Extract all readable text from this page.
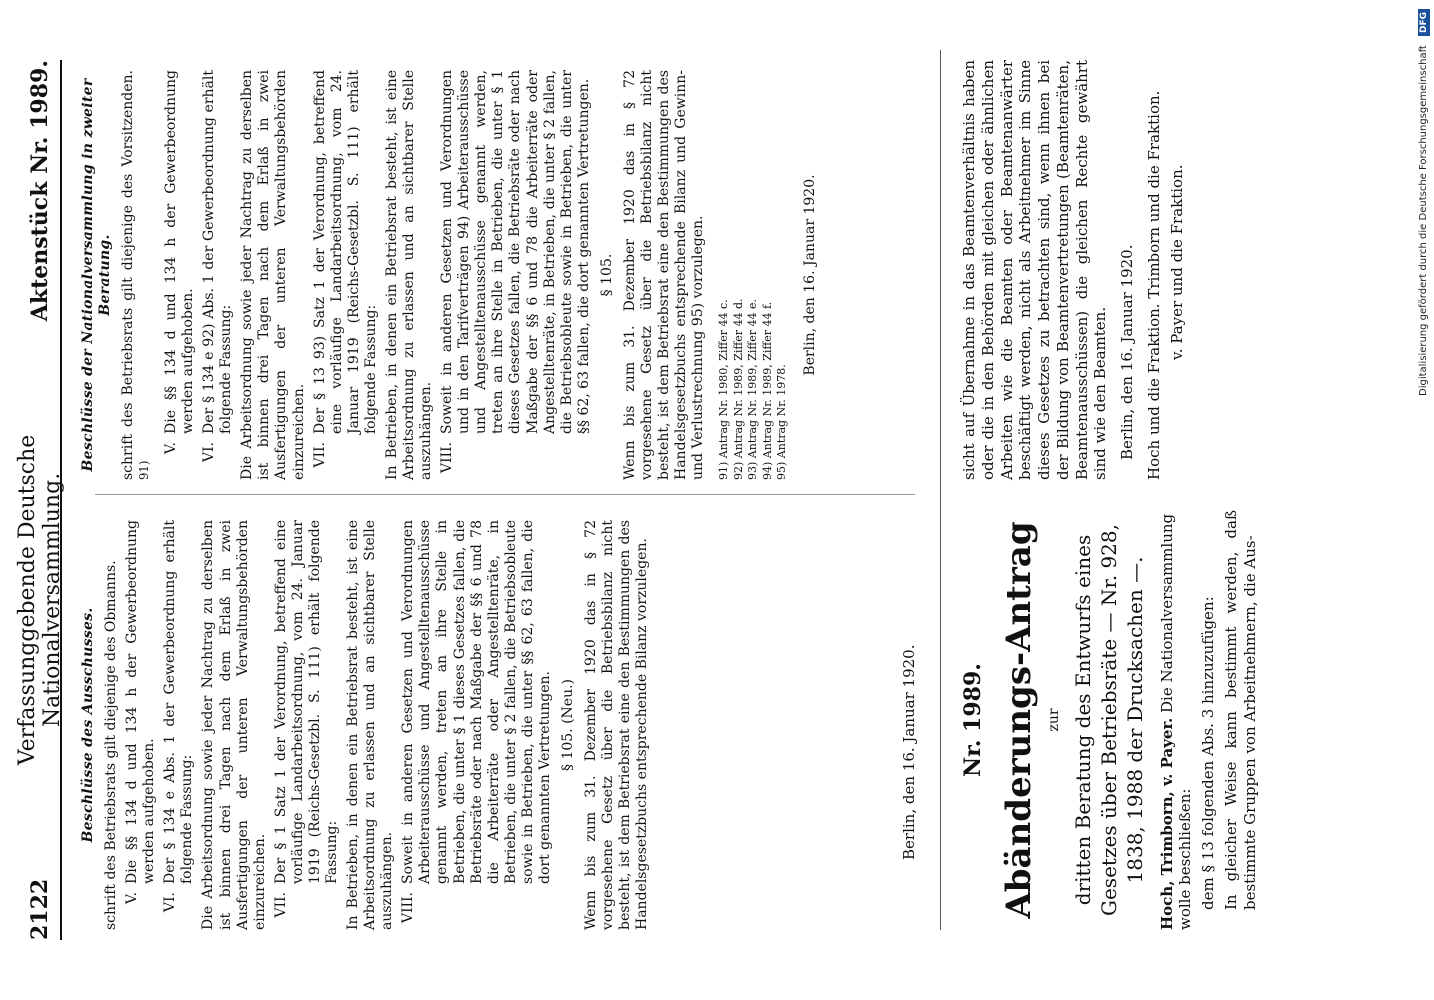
2122
Verfassunggebende Deutsche Nationalversammlung.
Aktenstück Nr. 1989.
Beschlüsse des Ausschusses. schrift des Betriebsrats gilt diejenige des Obmanns. V.
Die §§ 134 d und 134 h der Gewerbeordnung werden aufgehoben.
VI.
Der § 134 e Abs. 1 der Gewerbeordnung erhält folgende Fassung: Die Arbeitsordnung sowie jeder Nachtrag zu derselben ist binnen drei Tagen nach dem Erlaß in zwei Ausfertigungen der unteren Verwaltungsbehörden einzureichen. VII.
Der § 1 Satz 1 der Verordnung, betreffend eine vorläufige Landarbeitsordnung, vom 24. Januar 1919 (Reichs-Gesetzbl. S. 111) erhält folgende Fassung: In Betrieben, in denen ein Betriebsrat besteht, ist eine Arbeitsordnung zu erlassen und an sichtbarer Stelle auszuhängen. VIII.
Soweit in anderen Gesetzen und Verordnungen Arbeiterausschüsse und Angestelltenausschüsse genannt werden, treten an ihre Stelle in Betrieben, die unter § 1 dieses Gesetzes fallen, die Betriebsräte oder nach Maßgabe der §§ 6 und 78 die Arbeiterräte oder Angestelltenräte, in Betrieben, die unter § 2 fallen, die Betriebsobleute sowie in Betrieben, die unter §§ 62, 63 fallen, die dort genannten Vertretungen. § 105. (Neu.) Wenn bis zum 31. Dezember 1920 das in § 72 vorgesehene Gesetz über die Betriebsbilanz nicht besteht, ist dem Betriebsrat eine den Bestimmungen des Handelsgesetzbuchs entsprechende Bilanz vorzulegen.

Beschlüsse der Nationalversammlung in zweiter Beratung. schrift des Betriebsrats gilt diejenige des Vorsitzenden. $^{91)}$

V.
Die §§ 134 d und 134 h der Gewerbeordnung werden aufgehoben.
VI.
Der § 134 e 92) Abs. 1 der Gewerbeordnung erhält folgende Fassung: Die Arbeitsordnung sowie jeder Nachtrag zu derselben ist binnen drei Tagen nach dem Erlaß in zwei Ausfertigungen der unteren Verwaltungsbehörden einzureichen. VII.
Der § 13 93) Satz 1 der Verordnung, betreffend eine vorläufige Landarbeitsordnung, vom 24. Januar 1919 (Reichs-Gesetzbl. S. 111) erhält folgende Fassung: In Betrieben, in denen ein Betriebsrat besteht, ist eine Arbeitsordnung zu erlassen und an sichtbarer Stelle auszuhängen. VIII.
Soweit in anderen Gesetzen und Verordnungen und in den Tarifverträgen 94) Arbeiterausschüsse und Angestelltenausschüsse genannt werden, treten an ihre Stelle in Betrieben, die unter § 1 dieses Gesetzes fallen, die Betriebsräte oder nach Maßgabe der §§ 6 und 78 die Arbeiterräte oder Angestelltenräte, in Betrieben, die unter § 2 fallen, die Betriebsobleute sowie in Betrieben, die unter §§ 62, 63 fallen, die dort genannten Vertretungen. § 105. Wenn bis zum 31. Dezember 1920 das in § 72 vorgesehene Gesetz über die Betriebsbilanz nicht besteht, ist dem Betriebsrat eine den Bestimmungen des Handelsgesetzbuchs entsprechende Bilanz und Gewinn- und Verlustrechnung 95) vorzulegen. 91) Antrag Nr. 1980, Ziffer 44 c. 92) Antrag Nr. 1989, Ziffer 44 d. 93) Antrag Nr. 1989, Ziffer 44 e. 94) Antrag Nr. 1989, Ziffer 44 f. 95) Antrag Nr. 1978.
Berlin, den 16. Januar 1920.
Berlin, den 16. Januar 1920. Nr. 1989. Abänderungs-Antrag zur dritten Beratung des Entwurfs eines Gesetzes über Betriebsräte — Nr. 928, 1838, 1988 der Drucksachen —. Hoch, Trimborn, v. Payer. Die Nationalversammlung wolle beschließen: dem § 13 folgenden Abs. 3 hinzuzufügen: In gleicher Weise kann bestimmt werden, daß bestimmte Gruppen von Arbeitnehmern, die Aus-

sicht auf Übernahme in das Beamtenverhältnis haben oder die in den Behörden mit gleichen oder ähnlichen Arbeiten wie die Beamten oder Beamtenanwärter beschäftigt werden, nicht als Arbeitnehmer im Sinne dieses Gesetzes zu betrachten sind, wenn ihnen bei der Bildung von Beamtenvertretungen (Beamtenräten, Beamtenausschüssen) die gleichen Rechte gewährt sind wie den Beamten. Berlin, den 16. Januar 1920. Hoch und die Fraktion. Trimborn und die Fraktion. v. Payer und die Fraktion.	Digitalisierung gefördert durch die Deutsche Forschungsgemeinschaft DFG
